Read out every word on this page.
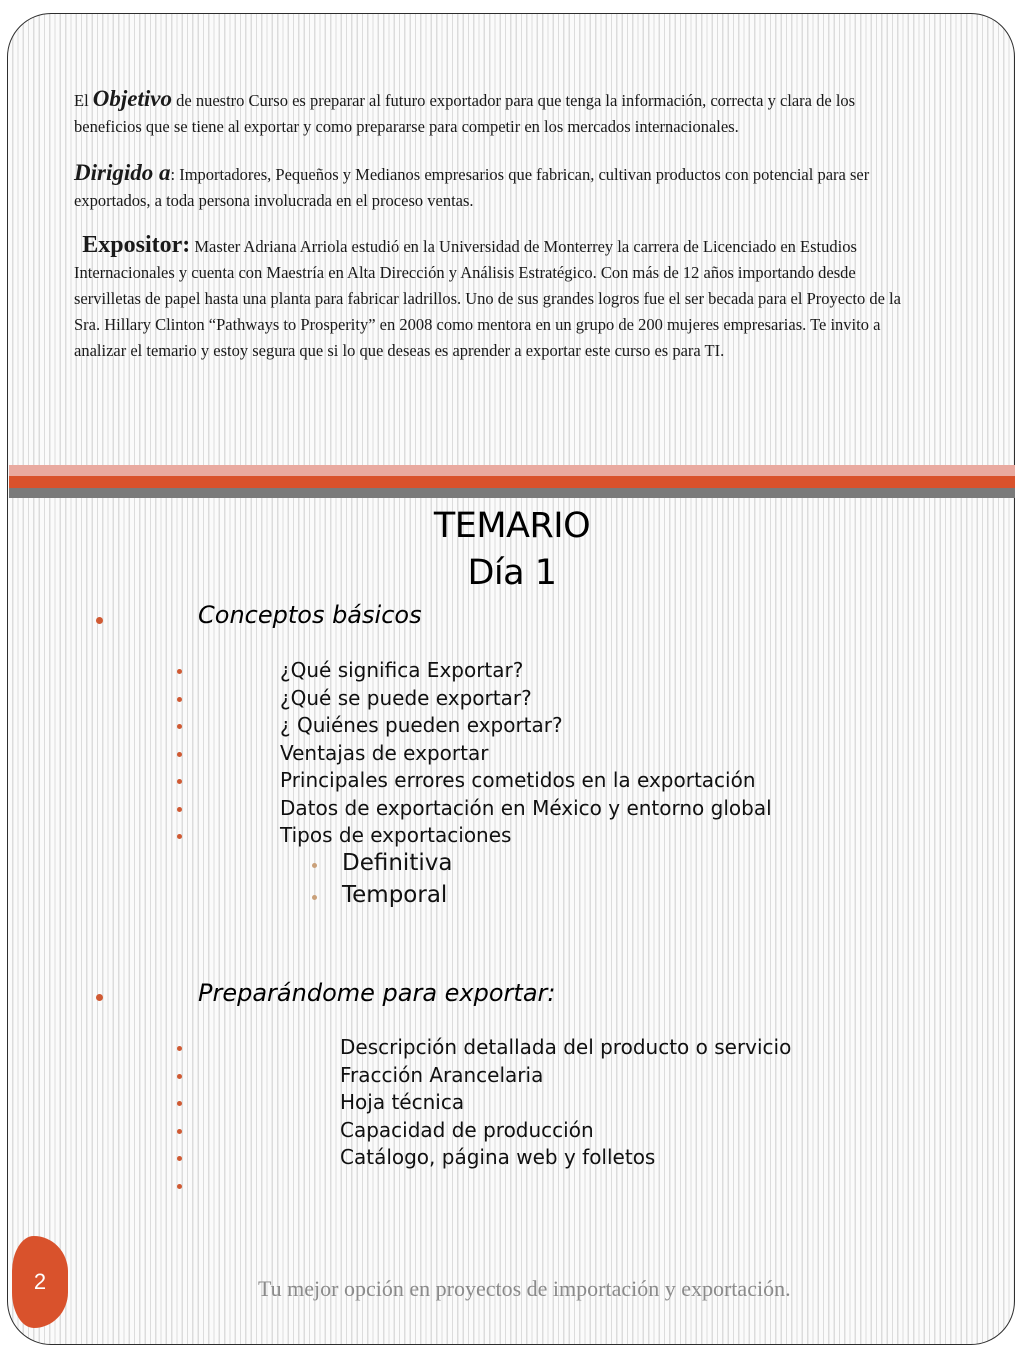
El Objetivo de nuestro Curso es preparar al futuro exportador para que tenga la información, correcta y clara de los beneficios que se tiene al exportar y como prepararse para competir en los mercados internacionales.

Dirigido a: Importadores, Pequeños y Medianos empresarios que fabrican, cultivan productos con potencial para ser exportados, a toda persona involucrada en el proceso ventas.

Expositor: Master Adriana Arriola estudió en la Universidad de Monterrey la carrera de Licenciado en Estudios Internacionales y cuenta con Maestría en Alta Dirección y Análisis Estratégico. Con más de 12 años importando desde servilletas de papel hasta una planta para fabricar ladrillos. Uno de sus grandes logros fue el ser becada para el Proyecto de la Sra. Hillary Clinton “Pathways to Prosperity” en 2008 como mentora en un grupo de 200 mujeres empresarias. Te invito a analizar el temario y estoy segura que si lo que deseas es aprender a exportar este curso es para TI.

TEMARIO
Día 1
Conceptos básicos
¿Qué significa Exportar?
¿Qué se puede exportar?
¿ Quiénes pueden exportar?
Ventajas de exportar
Principales errores cometidos en la exportación
Datos de exportación en México y entorno global
Tipos de exportaciones
Definitiva
Temporal
Preparándome para exportar:
Descripción detallada del producto o servicio
Fracción Arancelaria
Hoja técnica
Capacidad de producción
Catálogo, página web y folletos
2	Tu mejor opción en proyectos de importación y exportación.
